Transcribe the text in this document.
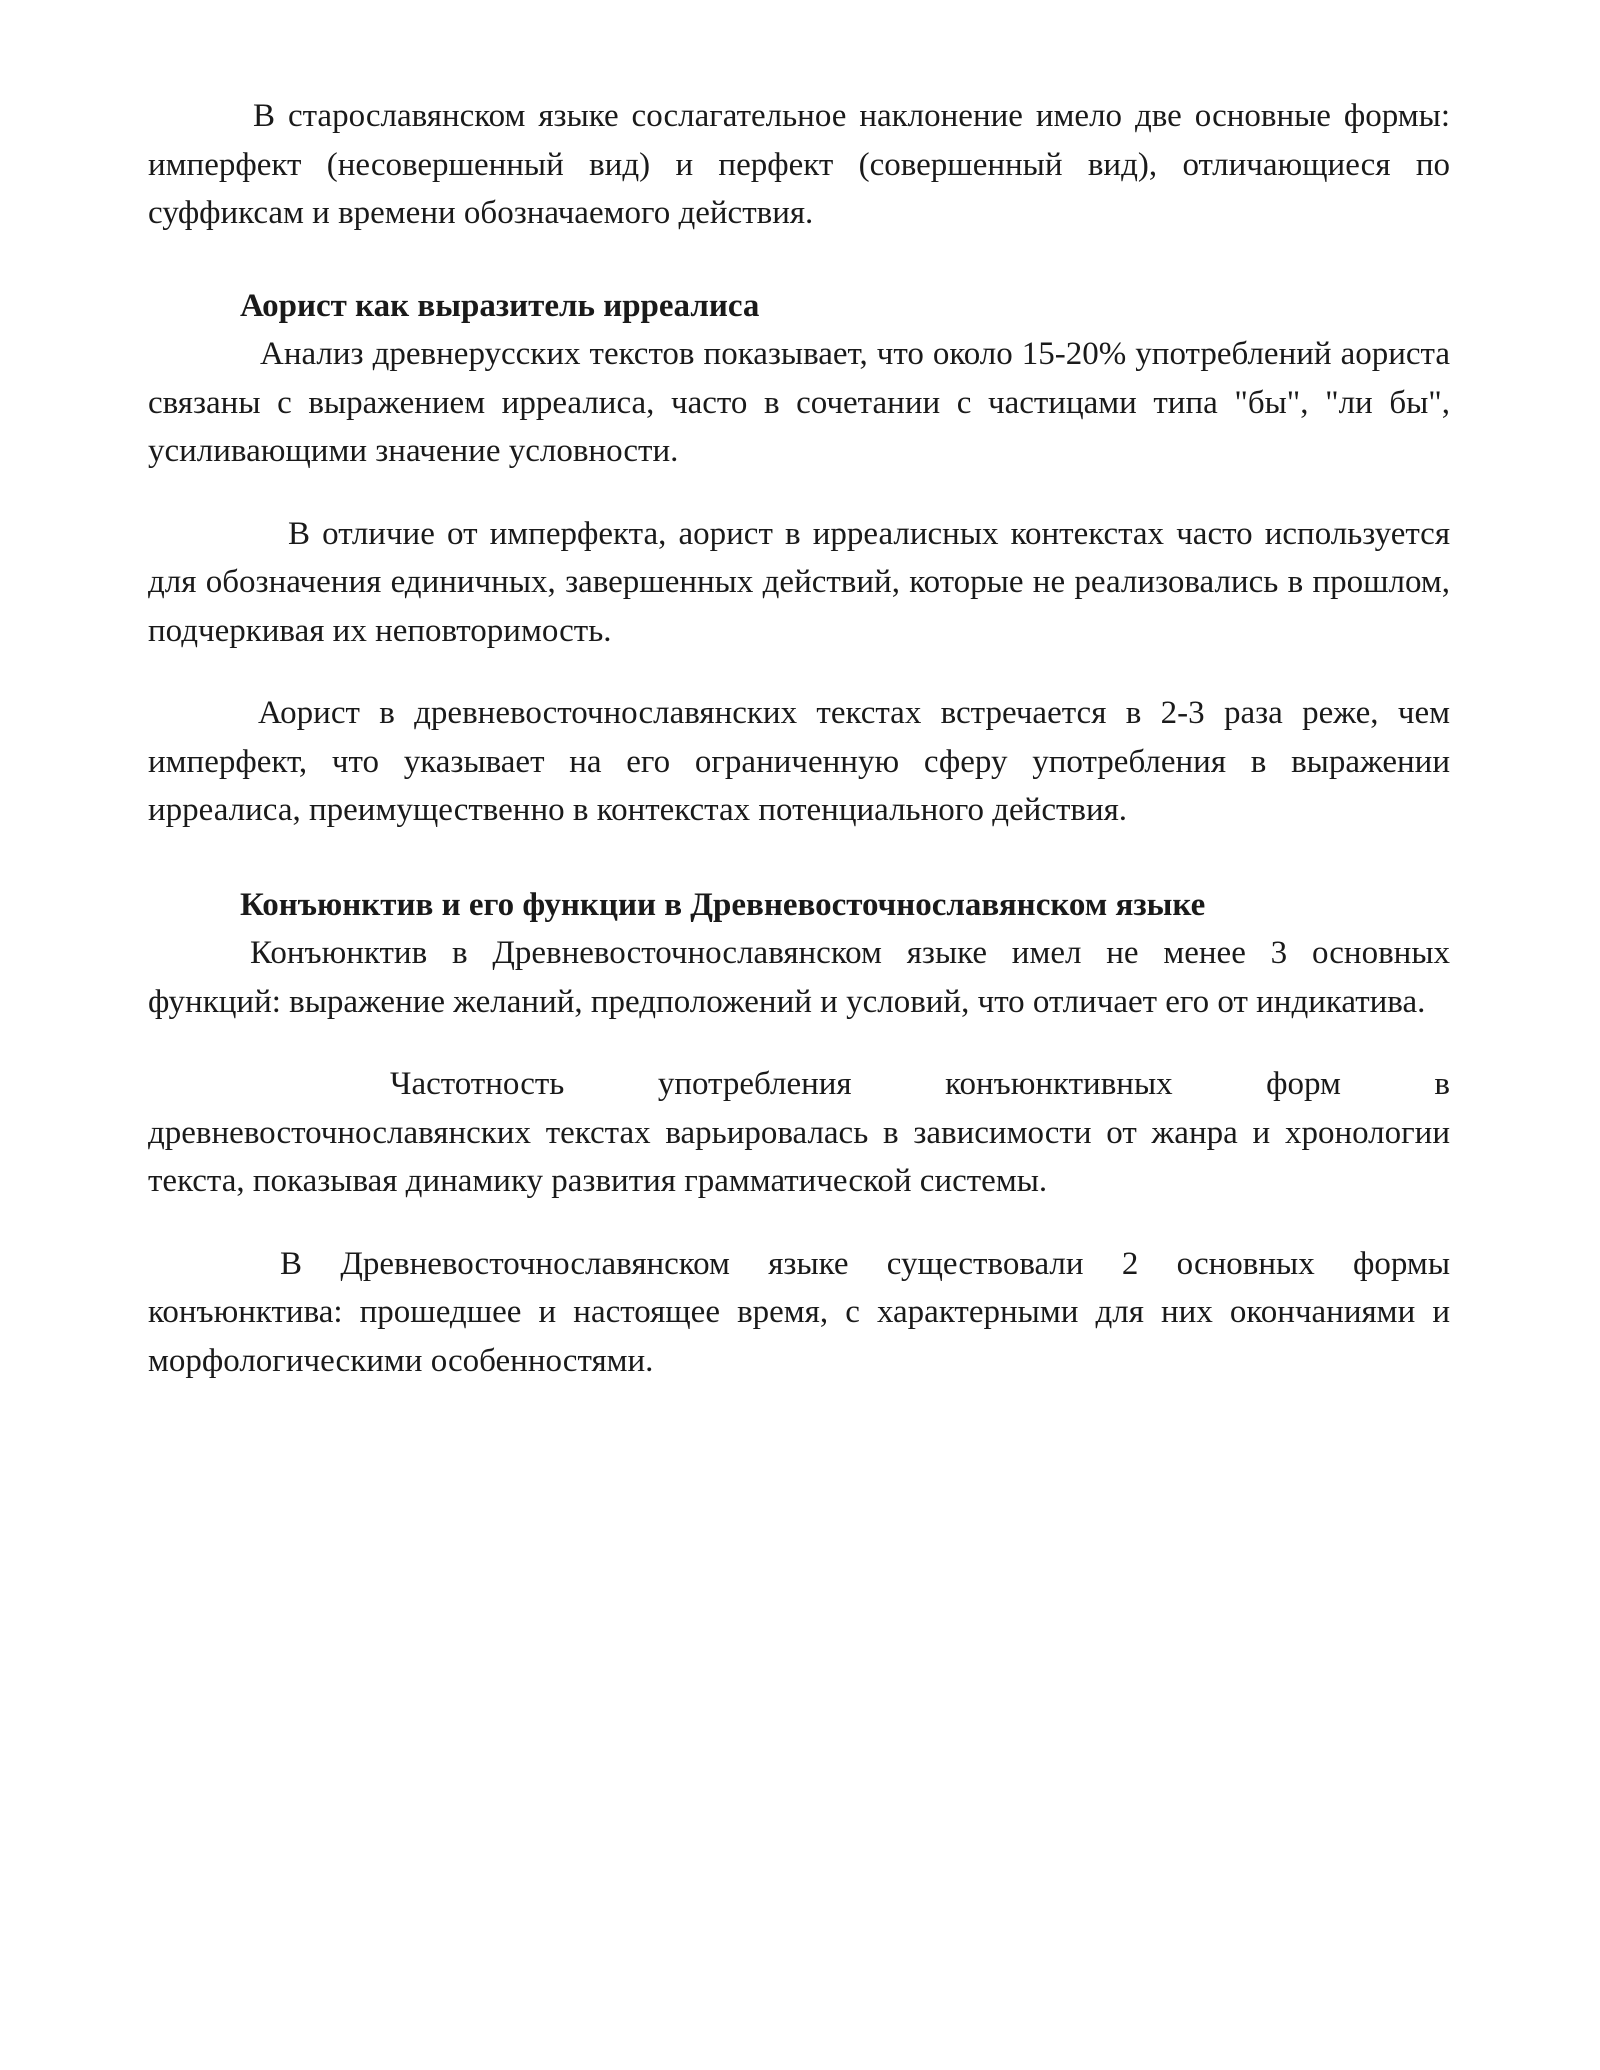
В старославянском языке сослагательное наклонение имело две основные формы: имперфект (несовершенный вид) и перфект (совершенный вид), отличающиеся по суффиксам и времени обозначаемого действия.

Аорист как выразитель ирреалиса

Анализ древнерусских текстов показывает, что около 15-20% употреблений аориста связаны с выражением ирреалиса, часто в сочетании с частицами типа "бы", "ли бы", усиливающими значение условности.

В отличие от имперфекта, аорист в ирреалисных контекстах часто используется для обозначения единичных, завершенных действий, которые не реализовались в прошлом, подчеркивая их неповторимость.

Аорист в древневосточнославянских текстах встречается в 2-3 раза реже, чем имперфект, что указывает на его ограниченную сферу употребления в выражении ирреалиса, преимущественно в контекстах потенциального действия.

Конъюнктив и его функции в Древневосточнославянском языке

Конъюнктив в Древневосточнославянском языке имел не менее 3 основных функций: выражение желаний, предположений и условий, что отличает его от индикатива.

Частотность употребления конъюнктивных форм в древневосточнославянских текстах варьировалась в зависимости от жанра и хронологии текста, показывая динамику развития грамматической системы.

В Древневосточнославянском языке существовали 2 основных формы конъюнктива: прошедшее и настоящее время, с характерными для них окончаниями и морфологическими особенностями.
